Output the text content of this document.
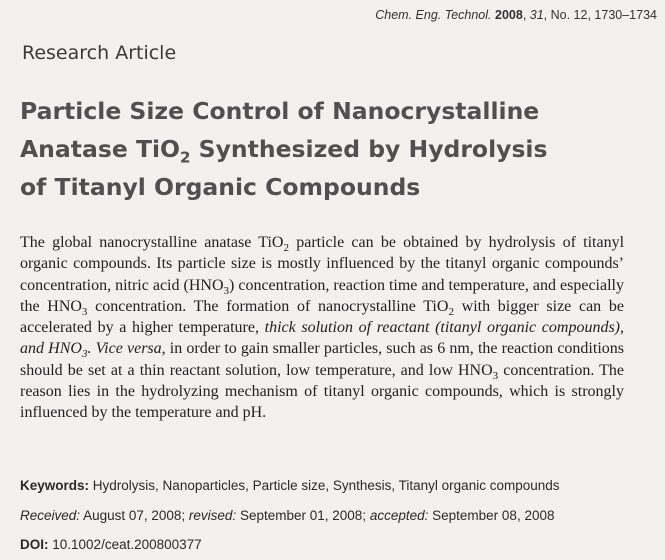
Chem. Eng. Technol. 2008, 31, No. 12, 1730–1734
Research Article
Particle Size Control of Nanocrystalline
Anatase TiO$_2$ Synthesized by Hydrolysis
of Titanyl Organic Compounds
The global nanocrystalline anatase TiO$_2$ particle can be obtained by hydrolysis of titanyl organic compounds. Its particle size is mostly influenced by the titanyl organic compounds’ concentration, nitric acid $(HNO_3)$ concentration, reaction time and temperature, and especially the $HNO_3$ concentration. The formation of nanocrystalline TiO$_2$ with bigger size can be accelerated by a higher temperature, thick solution of reactant (titanyl organic compounds), and $HNO_3$. Vice versa, in order to gain smaller particles, such as 6 nm, the reaction conditions should be set at a thin reactant solution, low temperature, and low $HNO_3$ concentration. The reason lies in the hydrolyzing mechanism of titanyl organic compounds, which is strongly influenced by the temperature and pH.
Keywords: Hydrolysis, Nanoparticles, Particle size, Synthesis, Titanyl organic compounds
Received: August 07, 2008; revised: September 01, 2008; accepted: September 08, 2008
DOI: 10.1002/ceat.200800377
